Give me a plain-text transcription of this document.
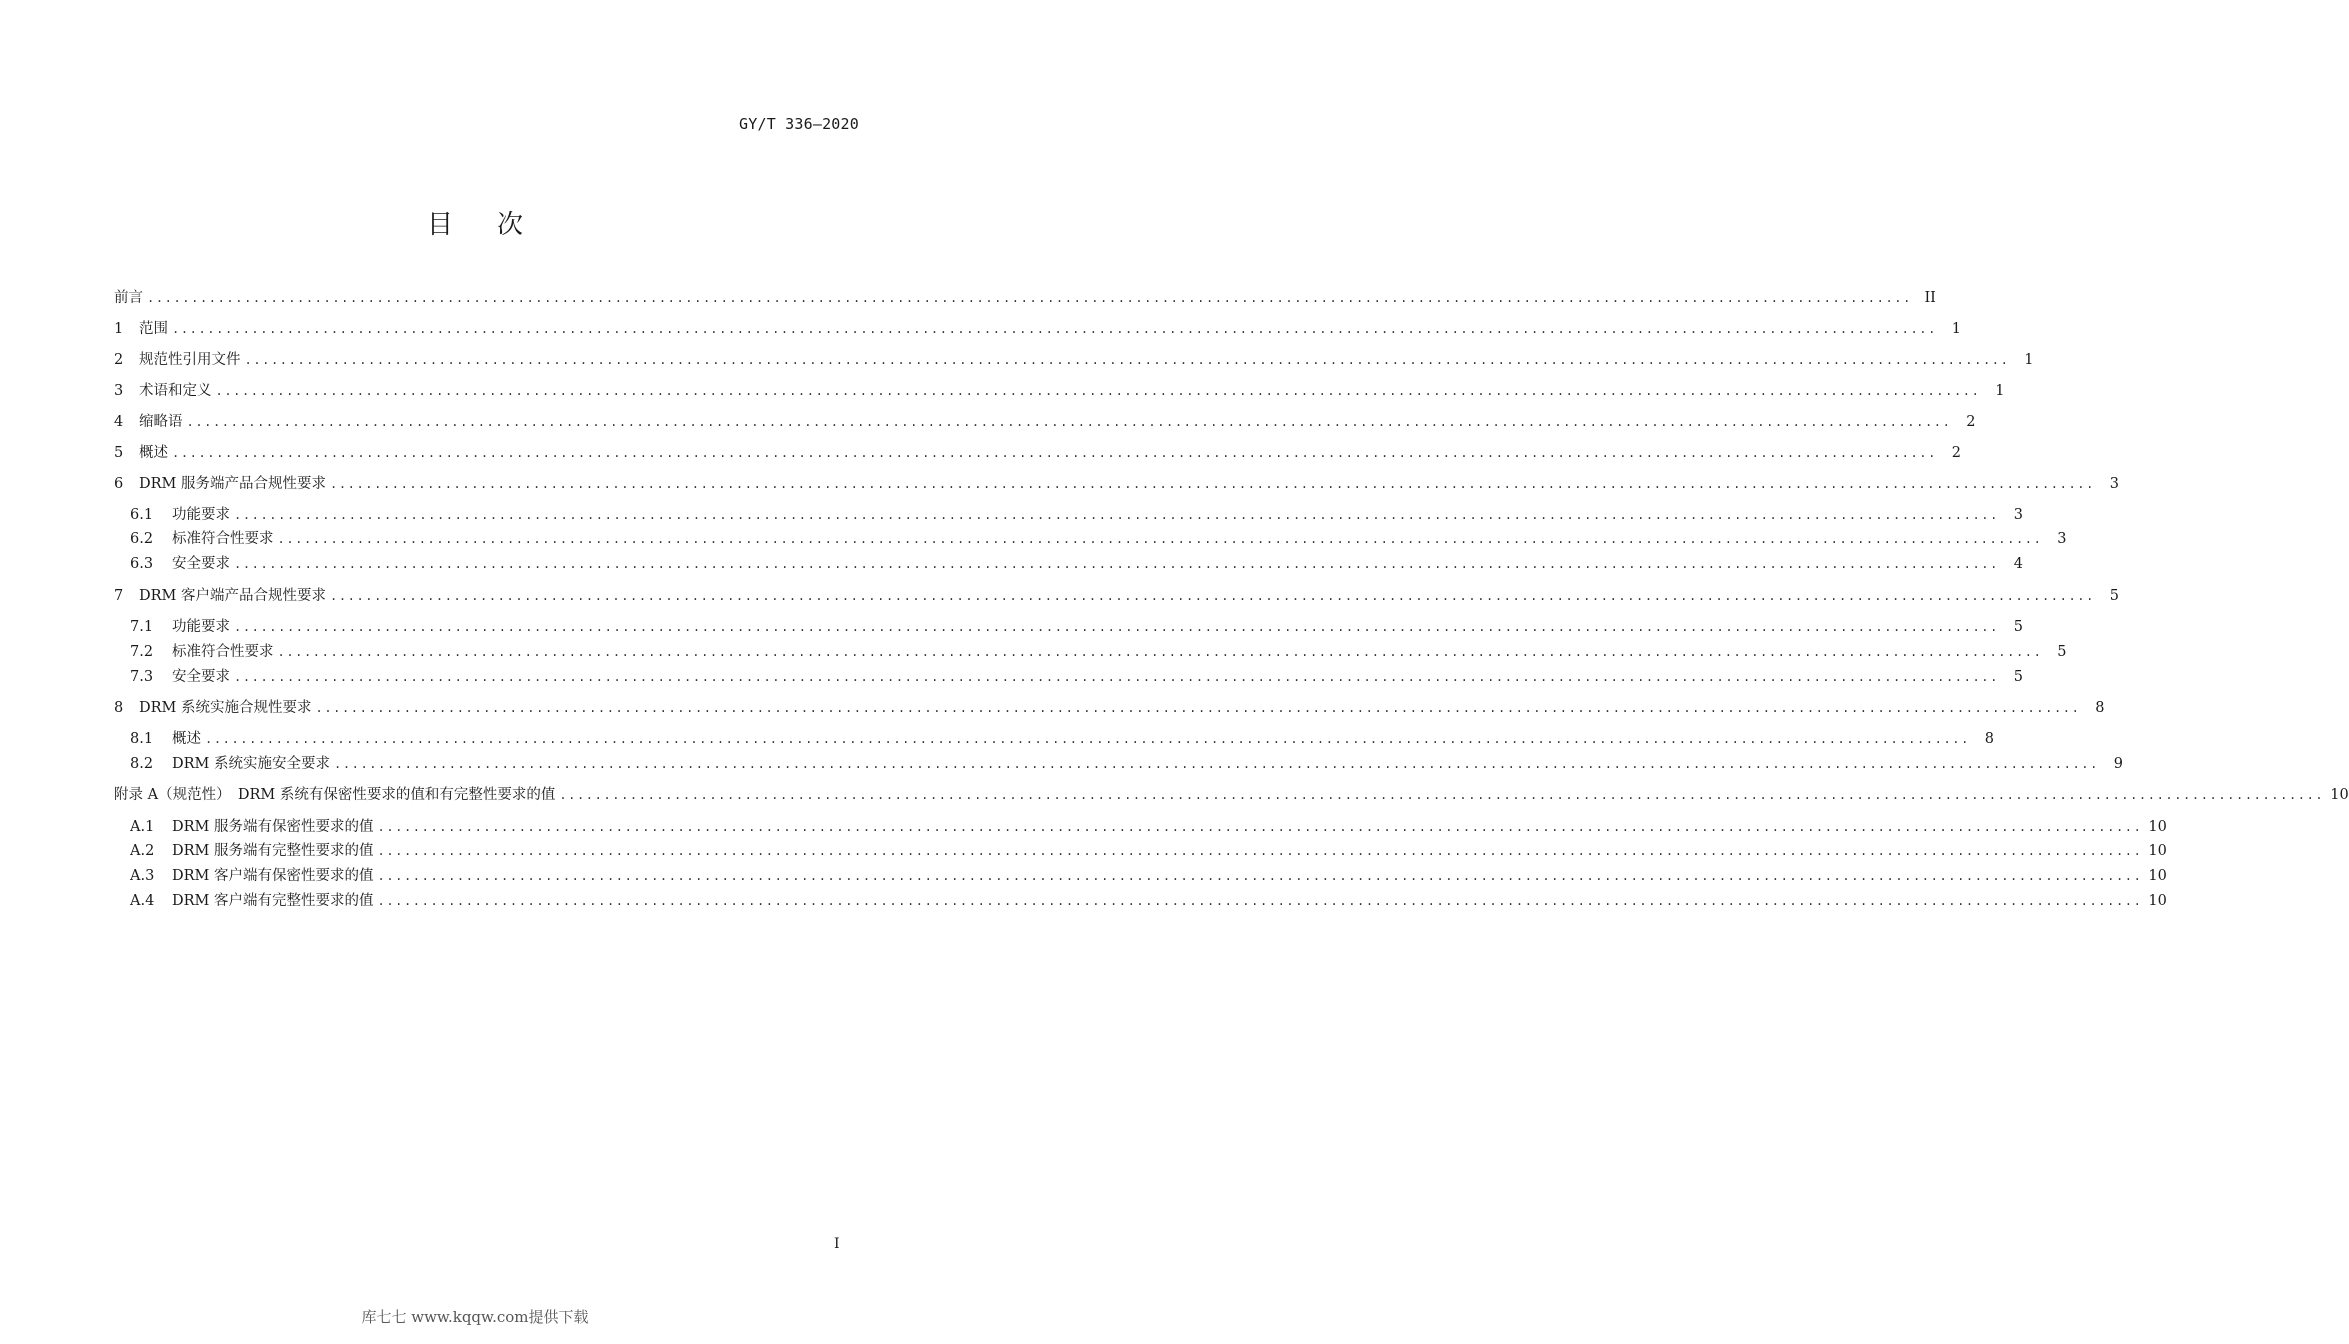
GY/T 336—2020
目次
前言 ........................................................................................................................................................................................................ II
1	范围 ........................................................................................................................................................................................................	1
2	规范性引用文件 ........................................................................................................................................................................................................	1
3	术语和定义 ........................................................................................................................................................................................................	1
4	缩略语 ........................................................................................................................................................................................................	2
5	概述 ........................................................................................................................................................................................................	2
6	DRM 服务端产品合规性要求 ........................................................................................................................................................................................................	3
6.1	功能要求 ........................................................................................................................................................................................................	3
6.2	标准符合性要求 ........................................................................................................................................................................................................	3
6.3	安全要求 ........................................................................................................................................................................................................	4
7	DRM 客户端产品合规性要求 ........................................................................................................................................................................................................	5
7.1	功能要求 ........................................................................................................................................................................................................	5
7.2	标准符合性要求 ........................................................................................................................................................................................................	5
7.3	安全要求 ........................................................................................................................................................................................................	5
8	DRM 系统实施合规性要求 ........................................................................................................................................................................................................	8
8.1	概述 ........................................................................................................................................................................................................	8
8.2	DRM 系统实施安全要求 ........................................................................................................................................................................................................	9
附录 A（规范性）　DRM 系统有保密性要求的值和有完整性要求的值 ........................................................................................................................................................................................................ 10
A.1	DRM 服务端有保密性要求的值 ........................................................................................................................................................................................................ 10
A.2	DRM 服务端有完整性要求的值 ........................................................................................................................................................................................................ 10
A.3	DRM 客户端有保密性要求的值 ........................................................................................................................................................................................................ 10
A.4	DRM 客户端有完整性要求的值 ........................................................................................................................................................................................................ 10
I
库七七 www.kqqw.com提供下载
